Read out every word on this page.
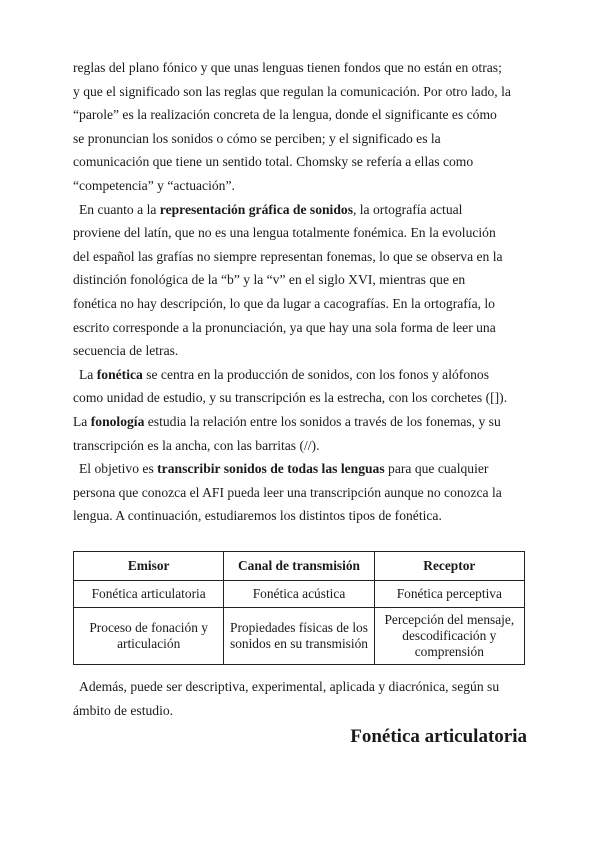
reglas del plano fónico y que unas lenguas tienen fondos que no están en otras;
y que el significado son las reglas que regulan la comunicación. Por otro lado, la
“parole” es la realización concreta de la lengua, donde el significante es cómo
se pronuncian los sonidos o cómo se perciben; y el significado es la
comunicación que tiene un sentido total. Chomsky se refería a ellas como
“competencia” y “actuación”.
En cuanto a la representación gráfica de sonidos, la ortografía actual
proviene del latín, que no es una lengua totalmente fonémica. En la evolución
del español las grafías no siempre representan fonemas, lo que se observa en la
distinción fonológica de la “b” y la “v” en el siglo XVI, mientras que en
fonética no hay descripción, lo que da lugar a cacografías. En la ortografía, lo
escrito corresponde a la pronunciación, ya que hay una sola forma de leer una
secuencia de letras.
La fonética se centra en la producción de sonidos, con los fonos y alófonos
como unidad de estudio, y su transcripción es la estrecha, con los corchetes ([]).
La fonología estudia la relación entre los sonidos a través de los fonemas, y su
transcripción es la ancha, con las barritas (//).
El objetivo es transcribir sonidos de todas las lenguas para que cualquier
persona que conozca el AFI pueda leer una transcripción aunque no conozca la
lengua. A continuación, estudiaremos los distintos tipos de fonética.
Emisor	Canal de transmisión	Receptor
Fonética articulatoria	Fonética acústica	Fonética perceptiva
Proceso de fonación y articulación	Propiedades físicas de los sonidos en su transmisión	Percepción del mensaje, descodificación y comprensión
Además, puede ser descriptiva, experimental, aplicada y diacrónica, según su
ámbito de estudio.
Fonética articulatoria
